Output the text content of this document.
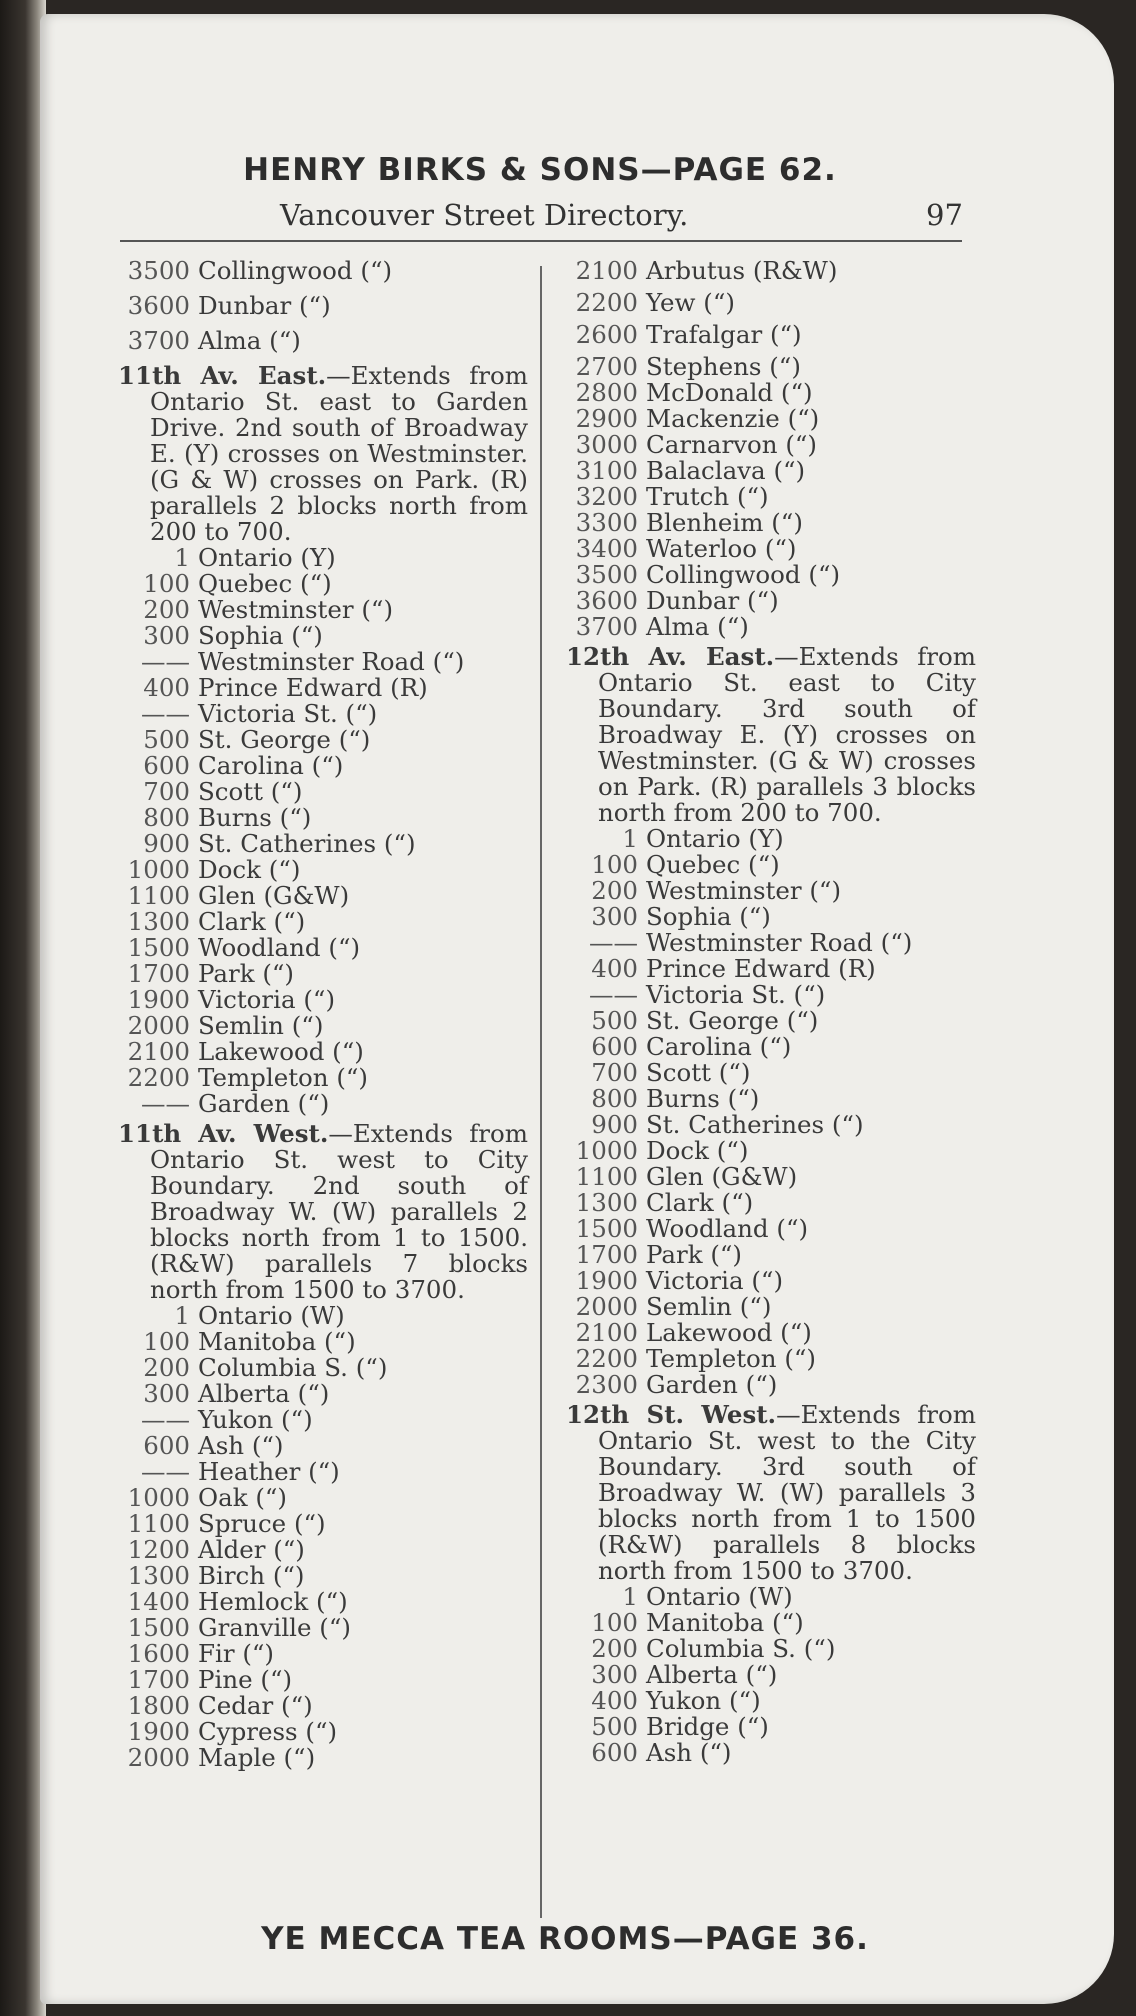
HENRY BIRKS & SONS—PAGE 62.
Vancouver Street Directory.	97
3500 Collingwood (“)
3600 Dunbar (“)
3700 Alma (“)
11th Av. East.—Extends from Ontario St. east to Garden Drive. 2nd south of Broadway E. (Y) crosses on Westminster. (G & W) crosses on Park. (R) parallels 2 blocks north from 200 to 700.
1 Ontario (Y)
100 Quebec (“)
200 Westminster (“)
300 Sophia (“)
—— Westminster Road (“)
400 Prince Edward (R)
—— Victoria St. (“)
500 St. George (“)
600 Carolina (“)
700 Scott (“)
800 Burns (“)
900 St. Catherines (“)
1000 Dock (“)
1100 Glen (G&W)
1300 Clark (“)
1500 Woodland (“)
1700 Park (“)
1900 Victoria (“)
2000 Semlin (“)
2100 Lakewood (“)
2200 Templeton (“)
—— Garden (“)
11th Av. West.—Extends from Ontario St. west to City Boundary. 2nd south of Broadway W. (W) parallels 2 blocks north from 1 to 1500. (R&W) parallels 7 blocks north from 1500 to 3700.
1 Ontario (W)
100 Manitoba (“)
200 Columbia S. (“)
300 Alberta (“)
—— Yukon (“)
600 Ash (“)
—— Heather (“)
1000 Oak (“)
1100 Spruce (“)
1200 Alder (“)
1300 Birch (“)
1400 Hemlock (“)
1500 Granville (“)
1600 Fir (“)
1700 Pine (“)
1800 Cedar (“)
1900 Cypress (“)
2000 Maple (“)
2100 Arbutus (R&W)
2200 Yew (“)
2600 Trafalgar (“)
2700 Stephens (“)
2800 McDonald (“)
2900 Mackenzie (“)
3000 Carnarvon (“)
3100 Balaclava (“)
3200 Trutch (“)
3300 Blenheim (“)
3400 Waterloo (“)
3500 Collingwood (“)
3600 Dunbar (“)
3700 Alma (“)
12th Av. East.—Extends from Ontario St. east to City Boundary. 3rd south of Broadway E. (Y) crosses on Westminster. (G & W) crosses on Park. (R) parallels 3 blocks north from 200 to 700.
1 Ontario (Y)
100 Quebec (“)
200 Westminster (“)
300 Sophia (“)
—— Westminster Road (“)
400 Prince Edward (R)
—— Victoria St. (“)
500 St. George (“)
600 Carolina (“)
700 Scott (“)
800 Burns (“)
900 St. Catherines (“)
1000 Dock (“)
1100 Glen (G&W)
1300 Clark (“)
1500 Woodland (“)
1700 Park (“)
1900 Victoria (“)
2000 Semlin (“)
2100 Lakewood (“)
2200 Templeton (“)
2300 Garden (“)
12th St. West.—Extends from Ontario St. west to the City Boundary. 3rd south of Broadway W. (W) parallels 3 blocks north from 1 to 1500 (R&W) parallels 8 blocks north from 1500 to 3700.
1 Ontario (W)
100 Manitoba (“)
200 Columbia S. (“)
300 Alberta (“)
400 Yukon (“)
500 Bridge (“)
600 Ash (“)
YE MECCA TEA ROOMS—PAGE 36.
